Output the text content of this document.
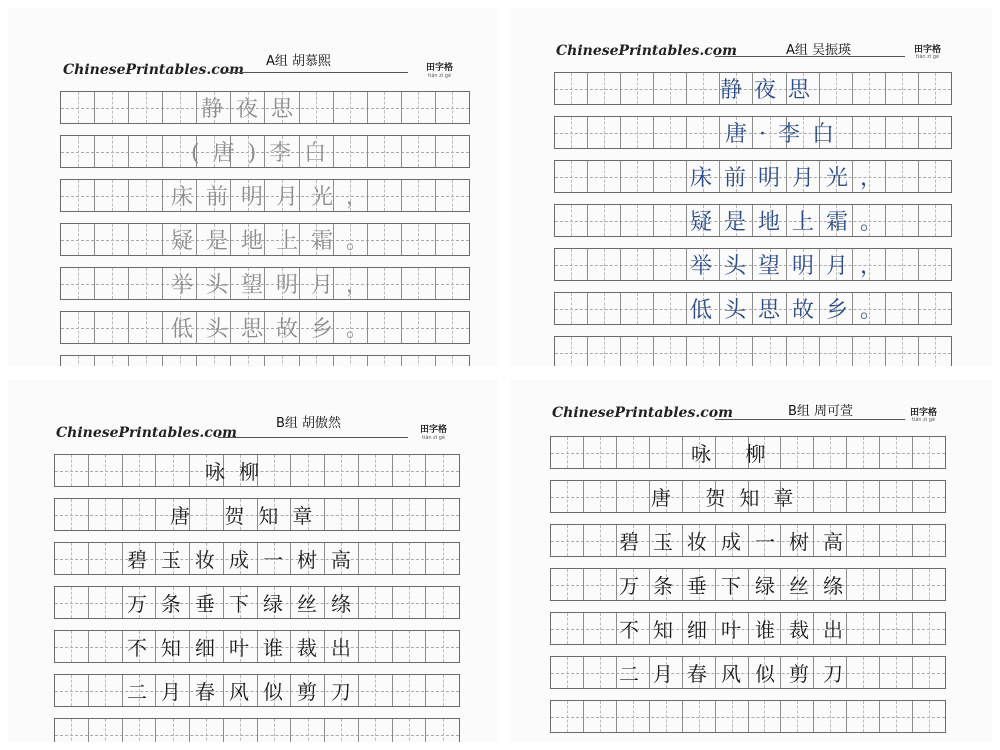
ChinesePrintables.com
A组 胡慕熙	田字格
tián zì gé
静夜思
(唐)李白
床前明月光，
疑是地上霜。
举头望明月，
低头思故乡。
ChinesePrintables.com	A组 吴振瑛	田字格
tián zì gé
静夜思
唐·李白
床前明月光，
疑是地上霜。
举头望明月，
低头思故乡。
ChinesePrintables.com
B组 胡傲然	田字格
tián zì gé
咏柳
唐 贺知章
碧玉妆成一树高
万条垂下绿丝绦
不知细叶谁裁出
二月春风似剪刀
ChinesePrintables.com	B组 周可萱	田字格
tián zì gé
咏 柳
唐 贺知章
碧玉妆成一树高
万条垂下绿丝绦
不知细叶谁裁出
二月春风似剪刀
